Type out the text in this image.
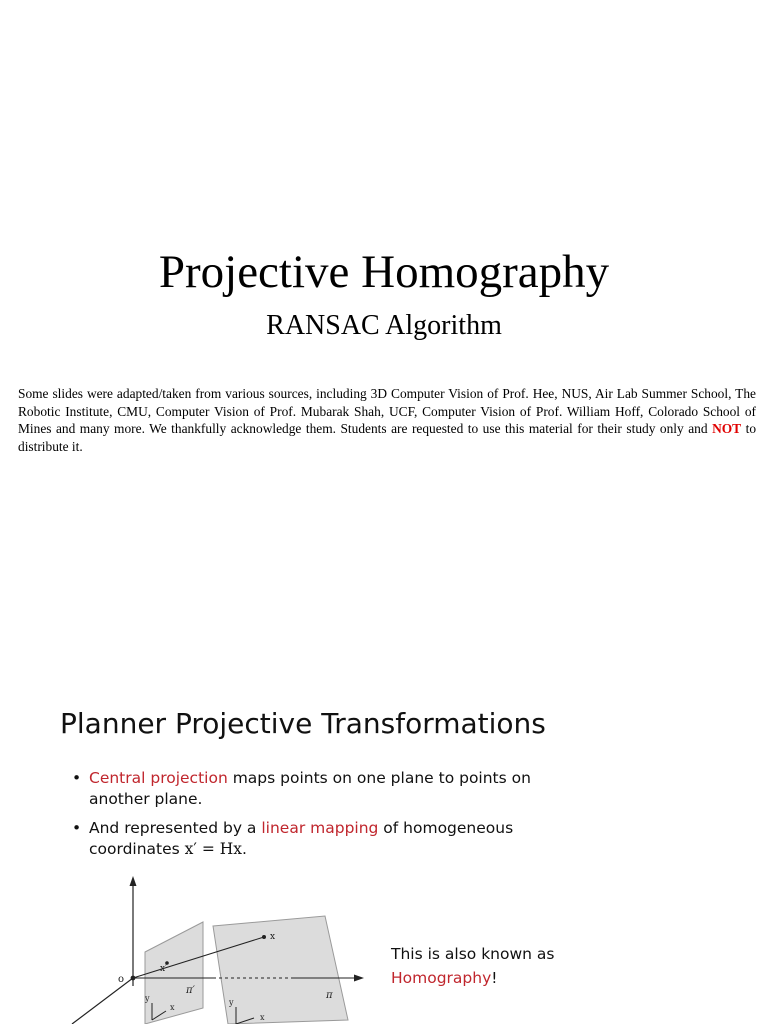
Projective Homography
RANSAC Algorithm
Some slides were adapted/taken from various sources, including 3D Computer Vision of Prof. Hee, NUS, Air Lab Summer School, The Robotic Institute, CMU, Computer Vision of Prof. Mubarak Shah, UCF, Computer Vision of Prof. William Hoff, Colorado School of Mines and many more. We thankfully acknowledge them. Students are requested to use this material for their study only and NOT to distribute it.
Planner Projective Transformations
• Central projection maps points on one plane to points on another plane.
• And represented by a linear mapping of homogeneous coordinates x′ = Hx.
o
x
x′
π′	π
y
x
y
x
This is also known as
Homography!
